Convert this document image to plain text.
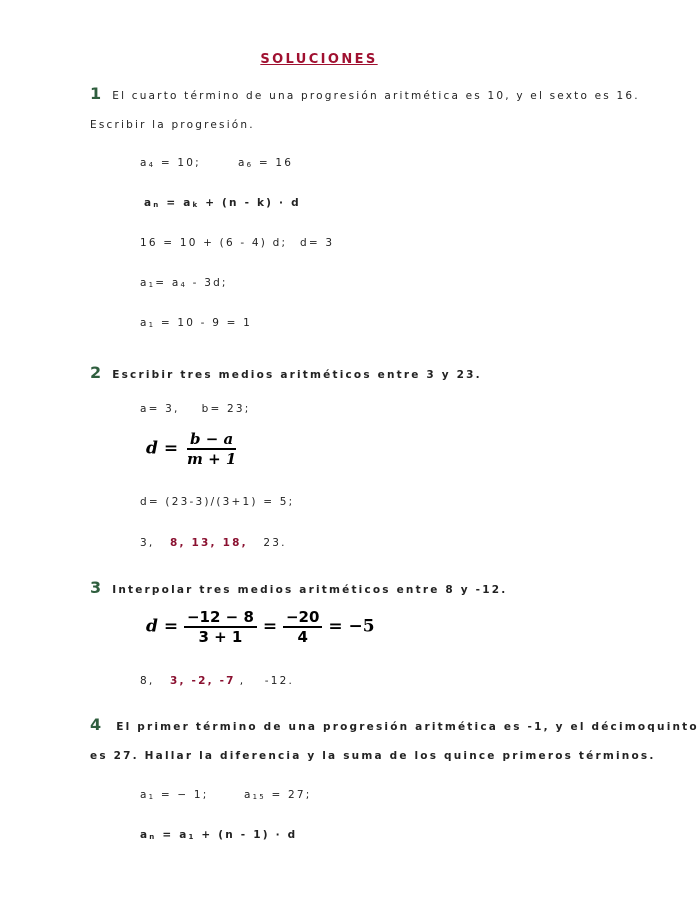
SOLUCIONES
1 El cuarto término de una progresión aritmética es 10, y el sexto es 16.
Escribir la progresión.
$a_4 = 10$;	$a_6 = 16$
$a_n = a_k + (n - k) \cdot d$
16 = 10 + (6 - 4) d; d= 3
$a_1= a_4 - 3d$;
$a_1 = 10 - 9 = 1$
2 Escribir tres medios aritméticos entre 3 y 23.
a= 3, b= 23;
$d = \frac{b - a}{m + 1}$
d= (23-3)/(3+1) = 5;
3, 8, 13, 18, 23.
3 Interpolar tres medios aritméticos entre 8 y -12.
$d = \frac{-12 - 8}{3 + 1} = \frac{-20}{4} = -5$
8, 3, -2, -7 , -12.
4 El primer término de una progresión aritmética es -1, y el décimoquinto
es 27. Hallar la diferencia y la suma de los quince primeros términos.
$a_1$ = − 1;	$a_{15} = 27$;
$a_n = a_1 + (n - 1) \cdot d$
